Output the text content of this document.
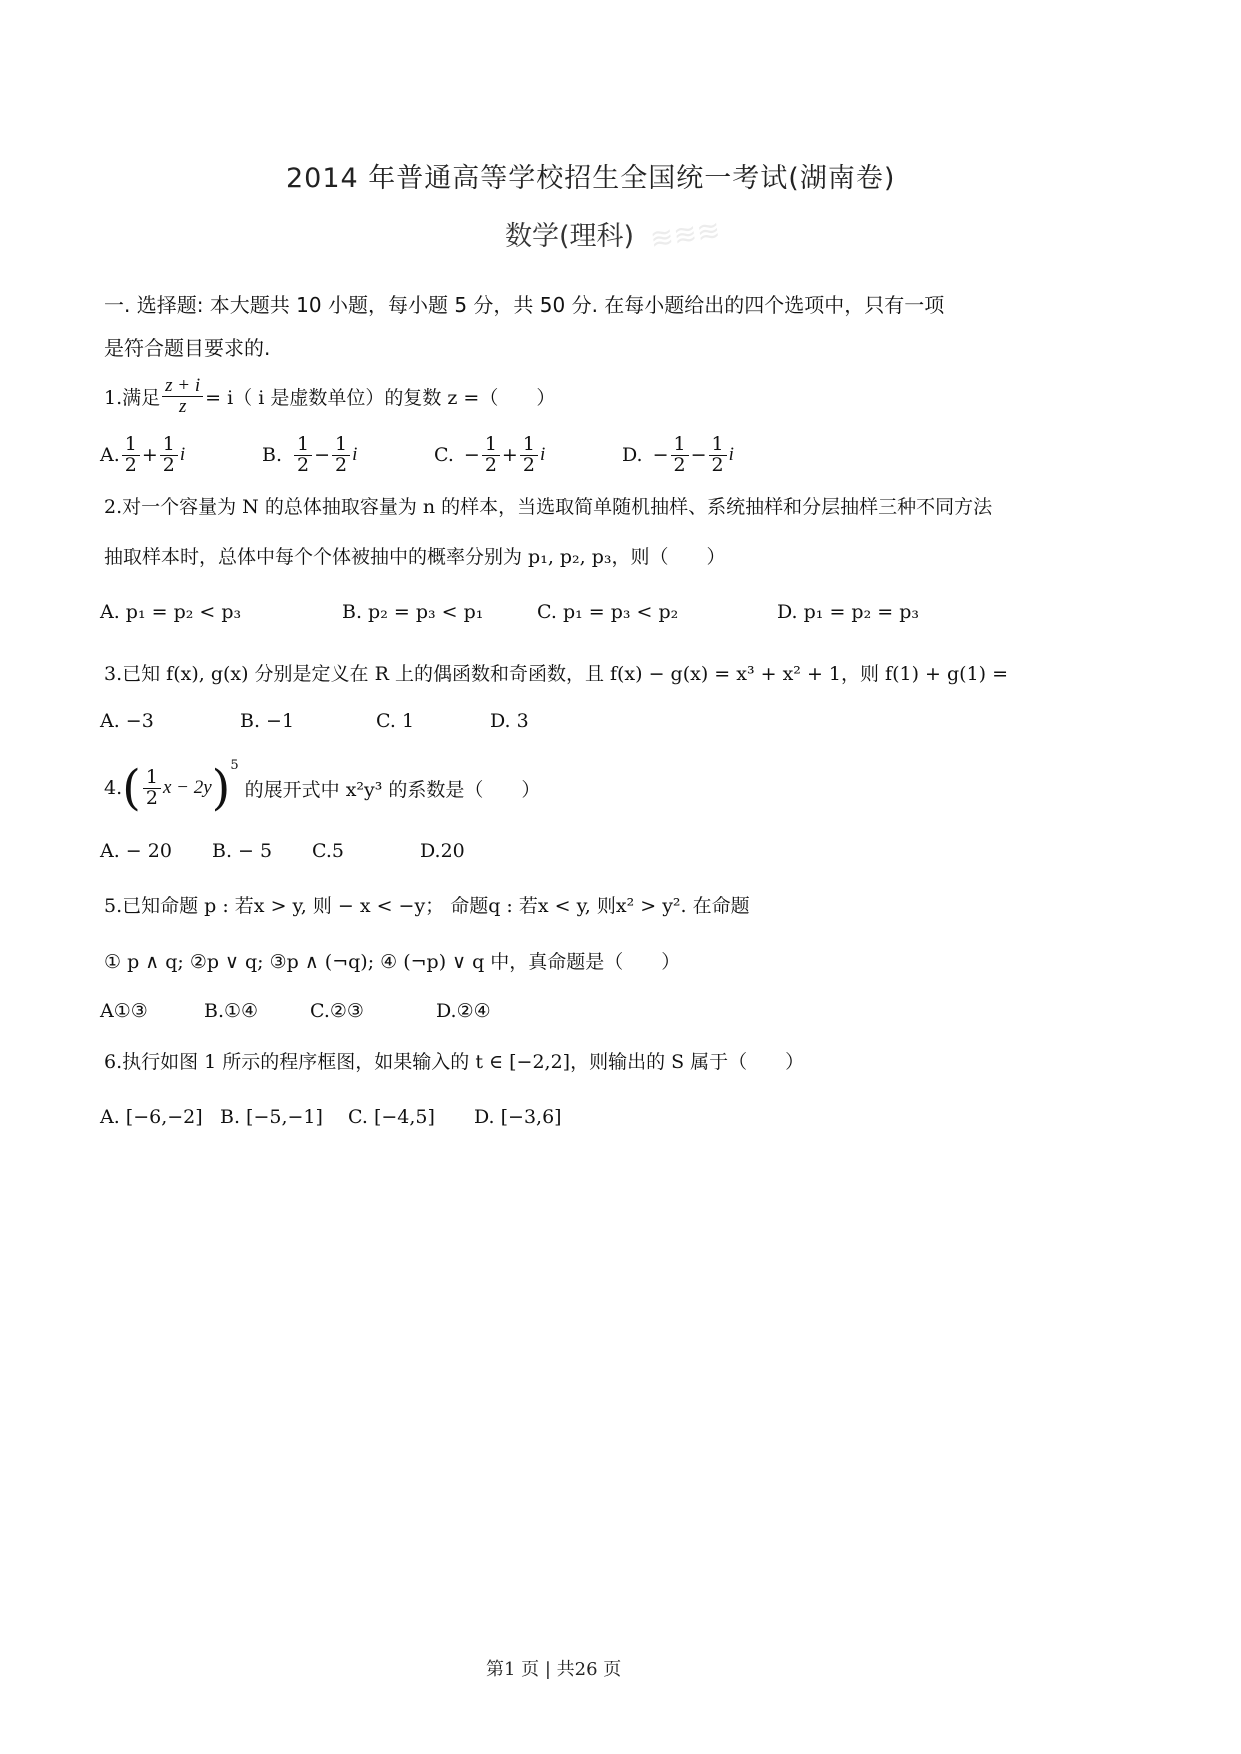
≋≋≋
2014 年普通高等学校招生全国统一考试(湖南卷)
数学(理科)
一. 选择题: 本大题共 10 小题，每小题 5 分，共 50 分. 在每小题给出的四个选项中，只有一项
是符合题目要求的.
1.满足 $\frac{z + i}{z} = i$（ i 是虚数单位）的复数 z =（　　）
A. $\frac{1}{2} + \frac{1}{2}$ i	B. $\frac{1}{2} - \frac{1}{2}$ i	C. − $\frac{1}{2} + \frac{1}{2}$ i	D. − $\frac{1}{2} - \frac{1}{2}$ i
2.对一个容量为 N 的总体抽取容量为 n 的样本，当选取简单随机抽样、系统抽样和分层抽样三种不同方法
抽取样本时，总体中每个个体被抽中的概率分别为 p₁, p₂, p₃，则（　　）
A. p₁ = p₂ < p₃	B. p₂ = p₃ < p₁	C. p₁ = p₃ < p₂	D. p₁ = p₂ = p₃
3.已知 f(x), g(x) 分别是定义在 R 上的偶函数和奇函数，且 f(x) − g(x) = x³ + x² + 1，则 f(1) + g(1) =
A. −3	B. −1	C. 1	D. 3
4. ( $\frac{1}{2}$ x − 2y ) 5
的展开式中 x²y³ 的系数是（　　）
A. − 20 B. − 5 C.5	D.20
5.已知命题 p : 若x > y, 则 − x < −y； 命题q : 若x < y, 则x² > y². 在命题
① p ∧ q; ②p ∨ q; ③p ∧ (¬q); ④ (¬p) ∨ q 中，真命题是（　　）
A①③	B.①④	C.②③	D.②④
6.执行如图 1 所示的程序框图，如果输入的 t ∈ [−2,2]，则输出的 S 属于（　　）
A. [−6,−2] B. [−5,−1] C. [−4,5] D. [−3,6]
第1 页 | 共26 页
